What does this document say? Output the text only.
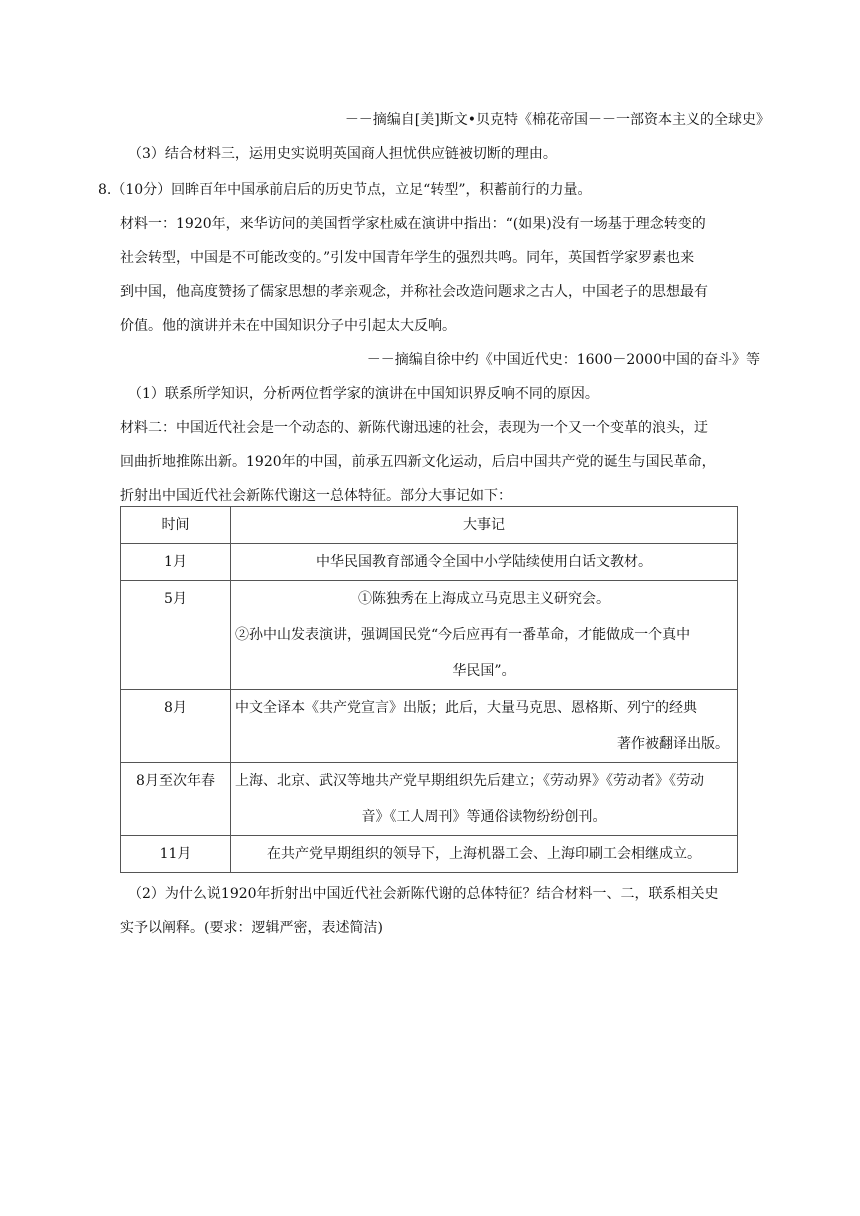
－－摘编自[美]斯文•贝克特《棉花帝国－－一部资本主义的全球史》
（3）结合材料三，运用史实说明英国商人担忧供应链被切断的理由。
8.（10分）回眸百年中国承前启后的历史节点，立足“转型”，积蓄前行的力量。
材料一：1920年，来华访问的美国哲学家杜威在演讲中指出：“(如果)没有一场基于理念转变的
社会转型，中国是不可能改变的。”引发中国青年学生的强烈共鸣。同年，英国哲学家罗素也来
到中国，他高度赞扬了儒家思想的孝亲观念，并称社会改造问题求之古人，中国老子的思想最有
价值。他的演讲并未在中国知识分子中引起太大反响。
－－摘编自徐中约《中国近代史：1600－2000中国的奋斗》等
（1）联系所学知识，分析两位哲学家的演讲在中国知识界反响不同的原因。
材料二：中国近代社会是一个动态的、新陈代谢迅速的社会，表现为一个又一个变革的浪头，迂
回曲折地推陈出新。1920年的中国，前承五四新文化运动，后启中国共产党的诞生与国民革命，
折射出中国近代社会新陈代谢这一总体特征。部分大事记如下：
时间	大事记
1月	中华民国教育部通令全国中小学陆续使用白话文教材。
5月	①陈独秀在上海成立马克思主义研究会。
②孙中山发表演讲，强调国民党“今后应再有一番革命，才能做成一个真中
华民国”。

8月	中文全译本《共产党宣言》出版；此后，大量马克思、恩格斯、列宁的经典
著作被翻译出版。

8月至次年春	上海、北京、武汉等地共产党早期组织先后建立；《劳动界》《劳动者》《劳动
音》《工人周刊》等通俗读物纷纷创刊。

11月	在共产党早期组织的领导下，上海机器工会、上海印刷工会相继成立。
（2）为什么说1920年折射出中国近代社会新陈代谢的总体特征？结合材料一、二，联系相关史
实予以阐释。(要求：逻辑严密，表述简洁)
